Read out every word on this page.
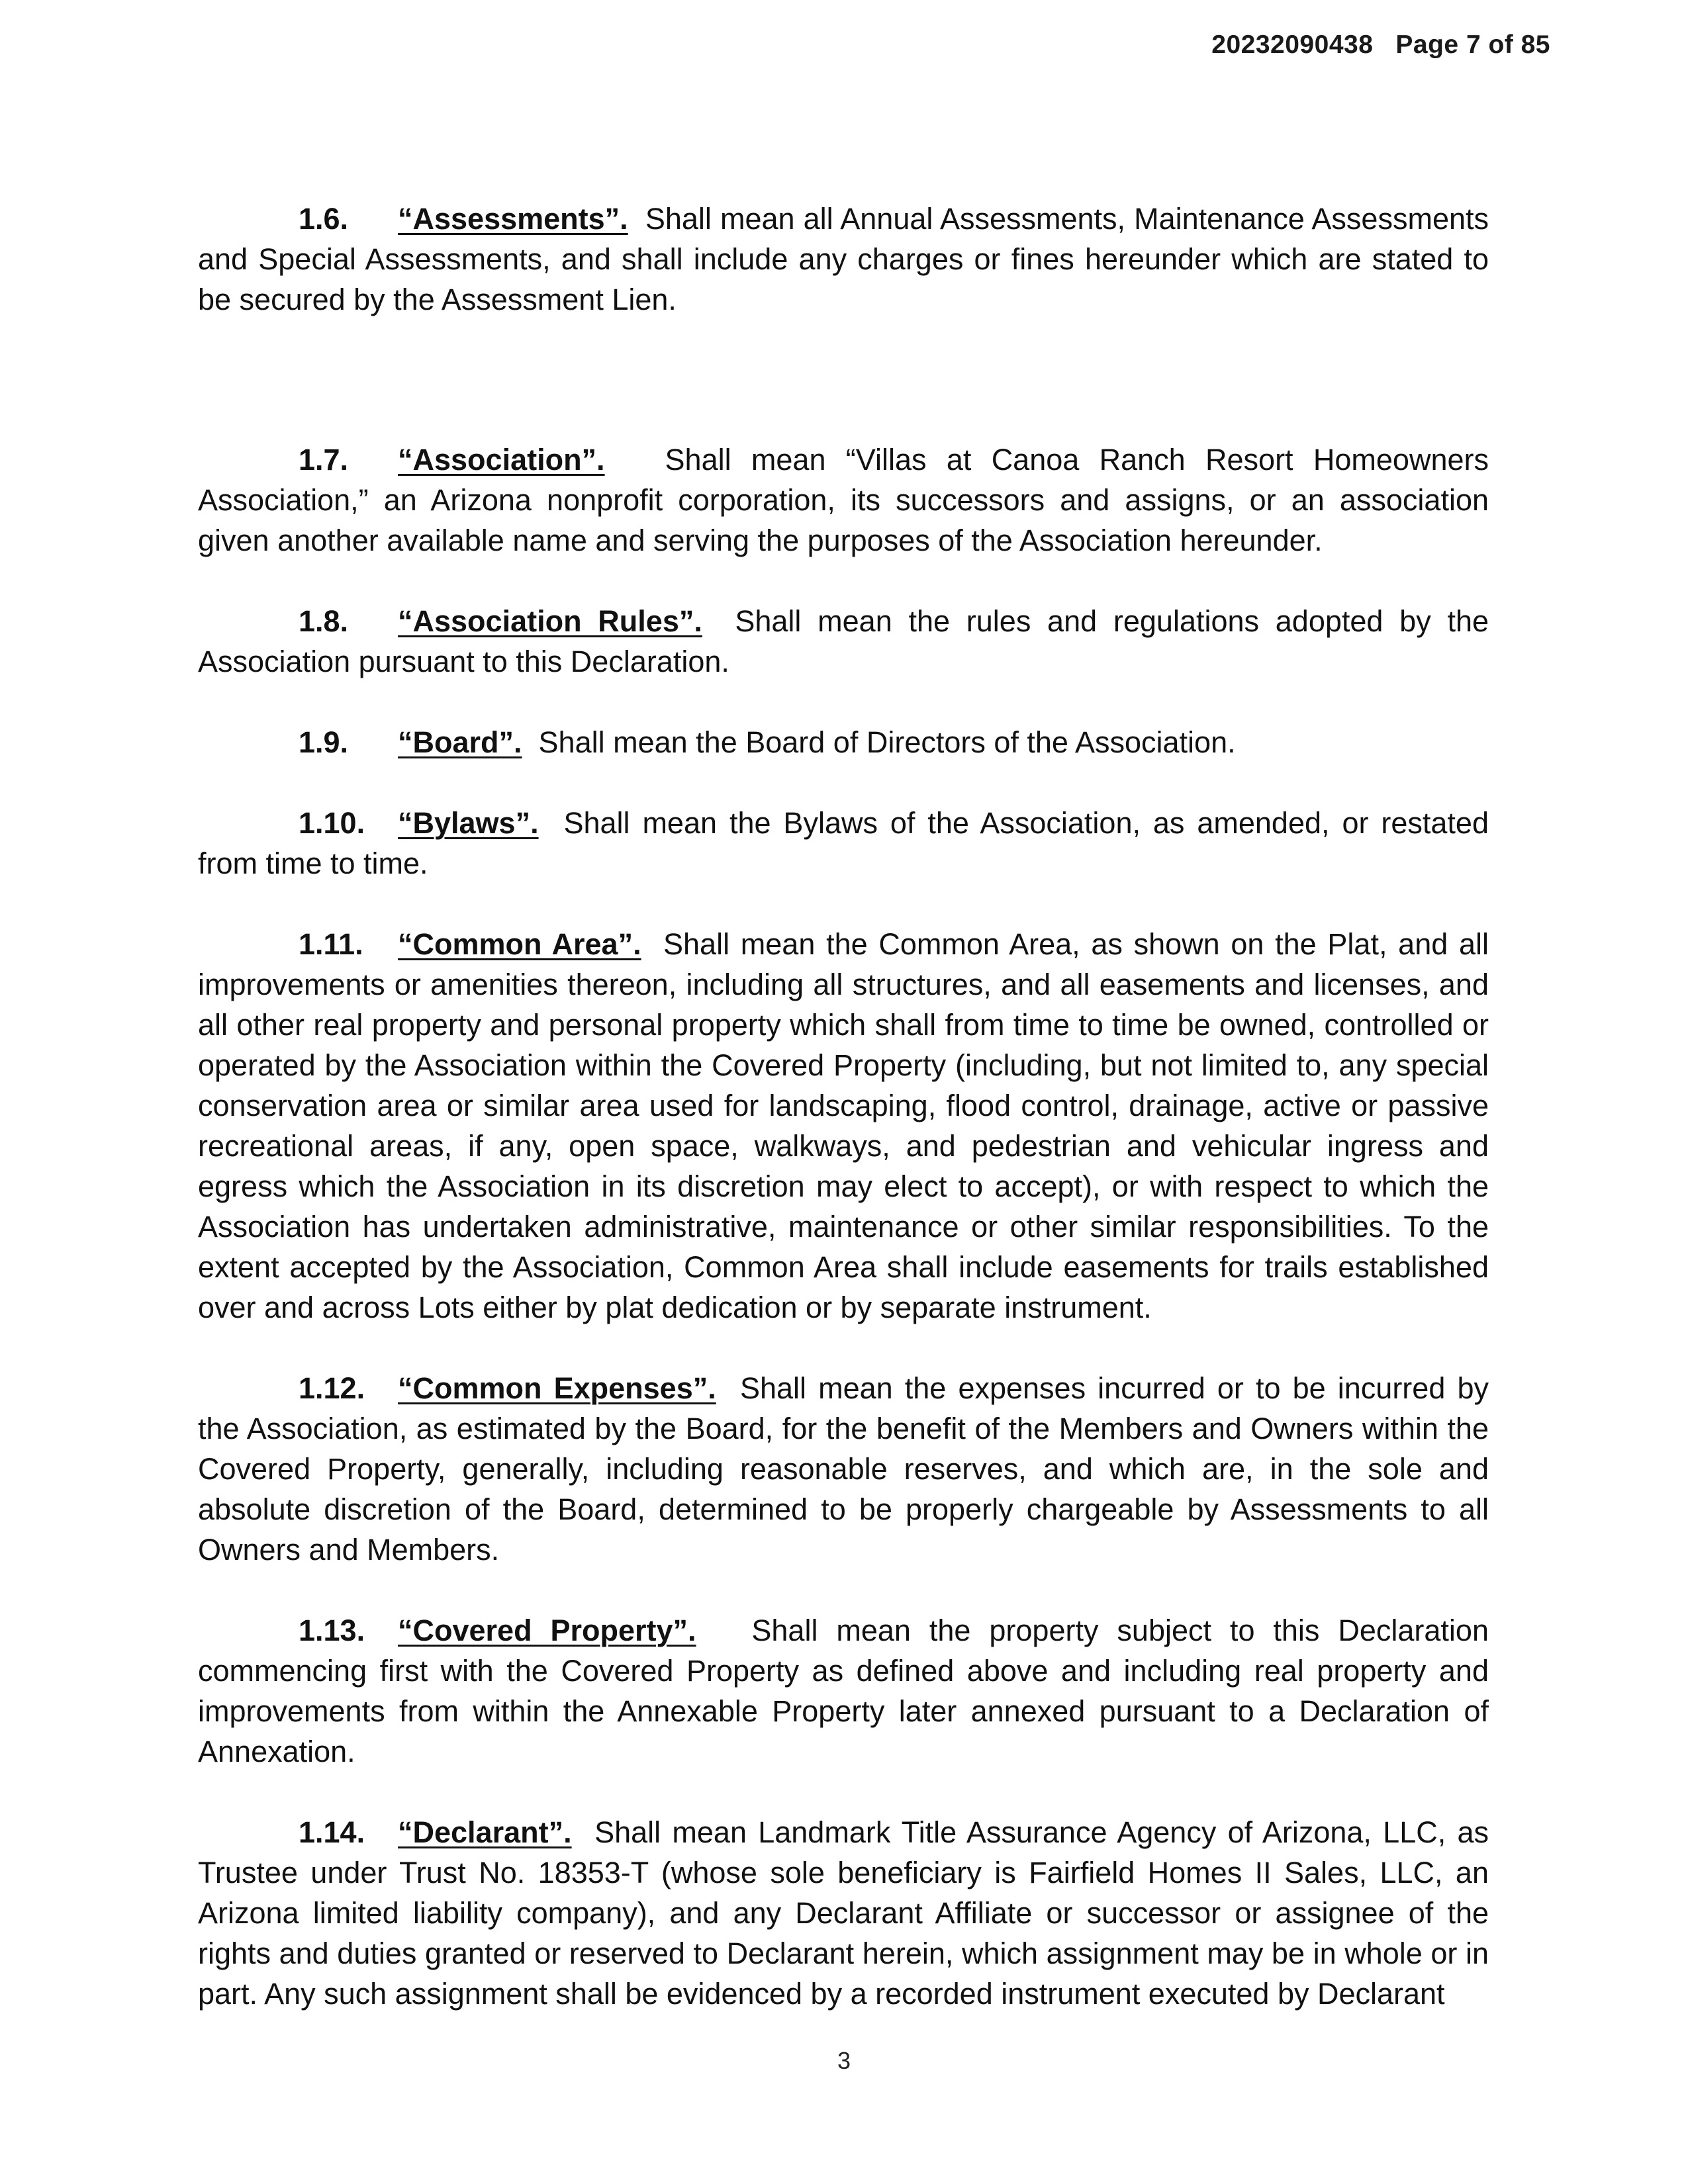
20232090438 Page 7 of 85

1.6. “Assessments”. Shall mean all Annual Assessments, Maintenance Assessments and Special Assessments, and shall include any charges or fines hereunder which are stated to be secured by the Assessment Lien.

1.7. “Association”. Shall mean “Villas at Canoa Ranch Resort Homeowners Association,” an Arizona nonprofit corporation, its successors and assigns, or an association given another available name and serving the purposes of the Association hereunder.

1.8. “Association Rules”. Shall mean the rules and regulations adopted by the Association pursuant to this Declaration.

1.9. “Board”. Shall mean the Board of Directors of the Association.

1.10. “Bylaws”. Shall mean the Bylaws of the Association, as amended, or restated from time to time.

1.11. “Common Area”. Shall mean the Common Area, as shown on the Plat, and all improvements or amenities thereon, including all structures, and all easements and licenses, and all other real property and personal property which shall from time to time be owned, controlled or operated by the Association within the Covered Property (including, but not limited to, any special conservation area or similar area used for landscaping, flood control, drainage, active or passive recreational areas, if any, open space, walkways, and pedestrian and vehicular ingress and egress which the Association in its discretion may elect to accept), or with respect to which the Association has undertaken administrative, maintenance or other similar responsibilities. To the extent accepted by the Association, Common Area shall include easements for trails established over and across Lots either by plat dedication or by separate instrument.

1.12. “Common Expenses”. Shall mean the expenses incurred or to be incurred by the Association, as estimated by the Board, for the benefit of the Members and Owners within the Covered Property, generally, including reasonable reserves, and which are, in the sole and absolute discretion of the Board, determined to be properly chargeable by Assessments to all Owners and Members.

1.13. “Covered Property”. Shall mean the property subject to this Declaration commencing first with the Covered Property as defined above and including real property and improvements from within the Annexable Property later annexed pursuant to a Declaration of Annexation.

1.14. “Declarant”. Shall mean Landmark Title Assurance Agency of Arizona, LLC, as Trustee under Trust No. 18353-T (whose sole beneficiary is Fairfield Homes II Sales, LLC, an Arizona limited liability company), and any Declarant Affiliate or successor or assignee of the rights and duties granted or reserved to Declarant herein, which assignment may be in whole or in part. Any such assignment shall be evidenced by a recorded instrument executed by Declarant

3
